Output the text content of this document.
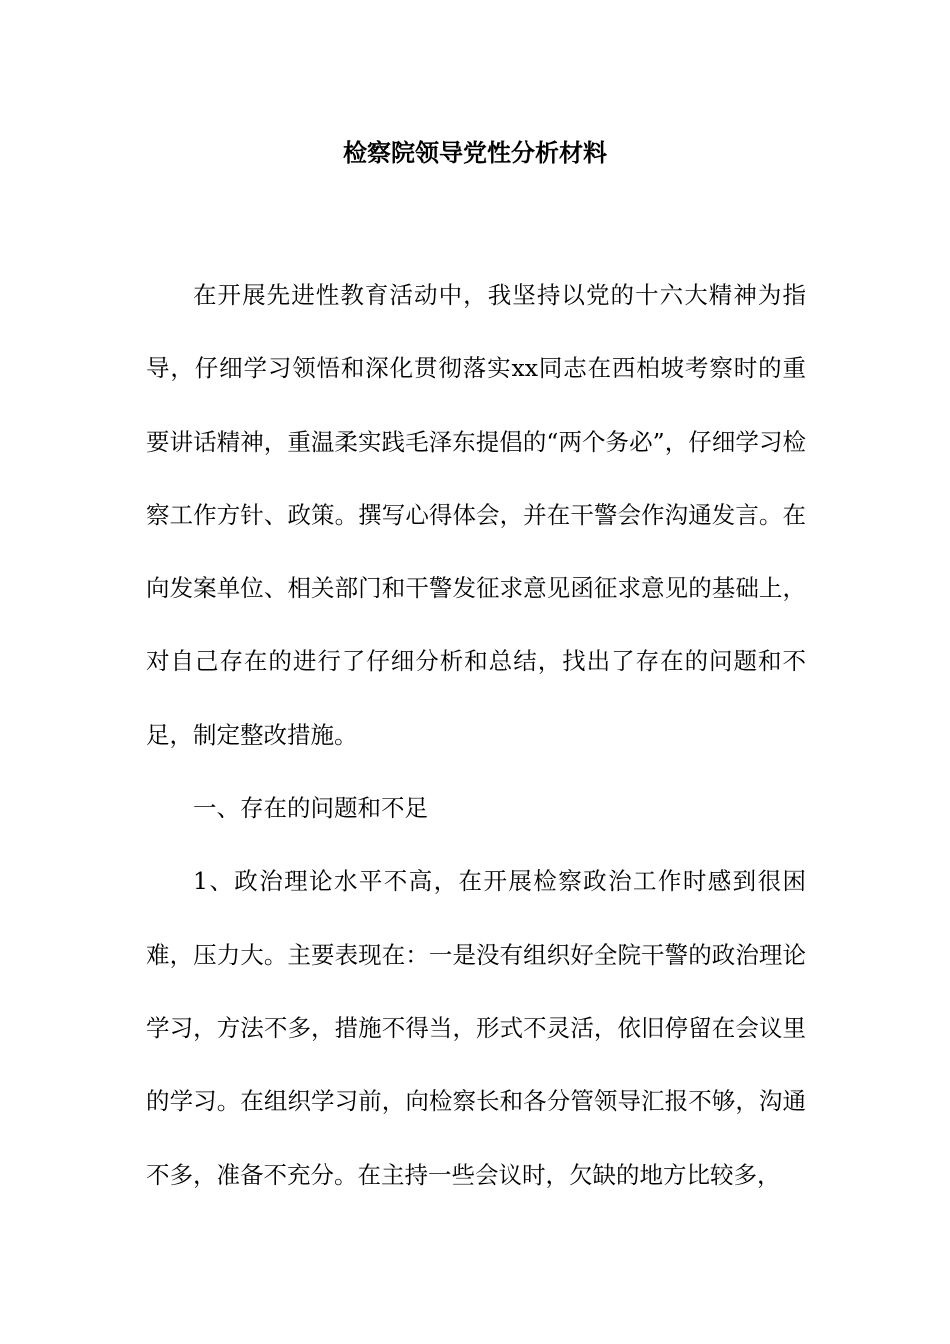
检察院领导党性分析材料

在开展先进性教育活动中，我坚持以党的十六大精神为指导，仔细学习领悟和深化贯彻落实xx同志在西柏坡考察时的重要讲话精神，重温柔实践毛泽东提倡的“两个务必”，仔细学习检察工作方针、政策。撰写心得体会，并在干警会作沟通发言。在向发案单位、相关部门和干警发征求意见函征求意见的基础上，对自己存在的进行了仔细分析和总结，找出了存在的问题和不足，制定整改措施。

一、存在的问题和不足

1、政治理论水平不高，在开展检察政治工作时感到很困难，压力大。主要表现在：一是没有组织好全院干警的政治理论学习，方法不多，措施不得当，形式不灵活，依旧停留在会议里的学习。在组织学习前，向检察长和各分管领导汇报不够，沟通不多，准备不充分。在主持一些会议时，欠缺的地方比较多，
